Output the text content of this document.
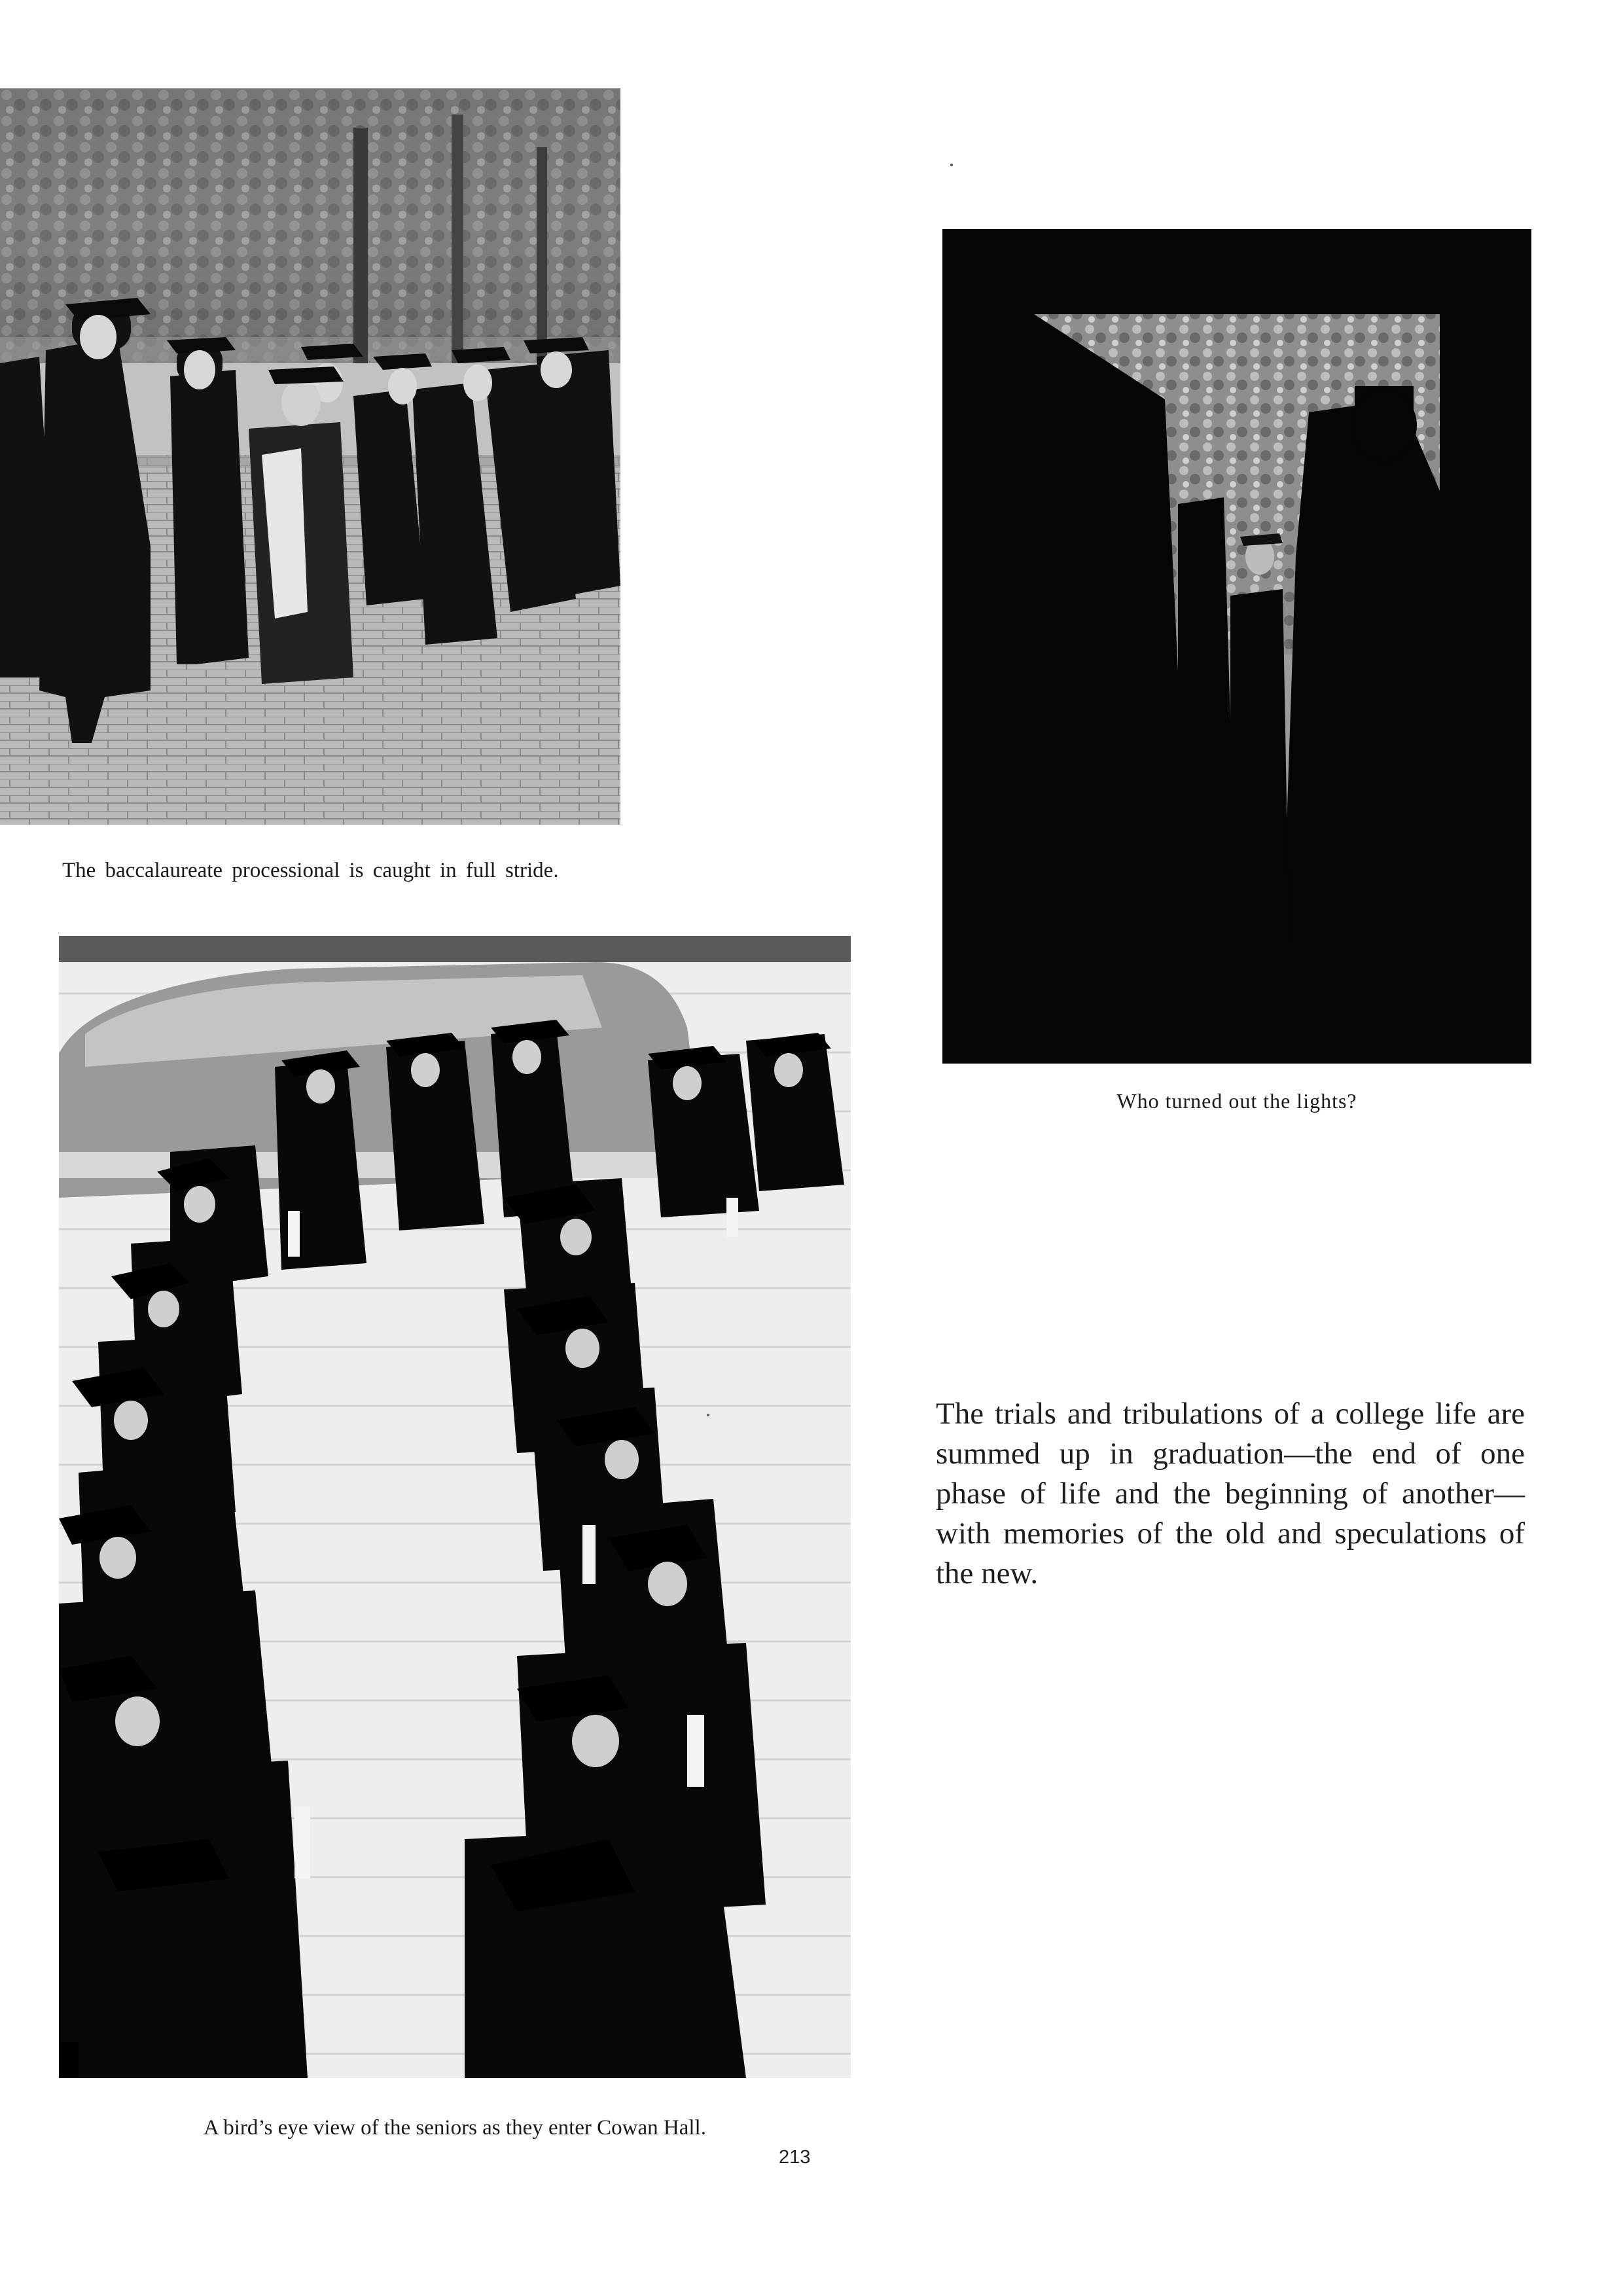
The baccalaureate processional is caught in full stride.
Who turned out the lights?
A bird’s eye view of the seniors as they enter Cowan Hall.
213
The trials and tribulations of a college life are summed up in graduation—the end of one phase of life and the beginning of another—with memories of the old and speculations of the new.
